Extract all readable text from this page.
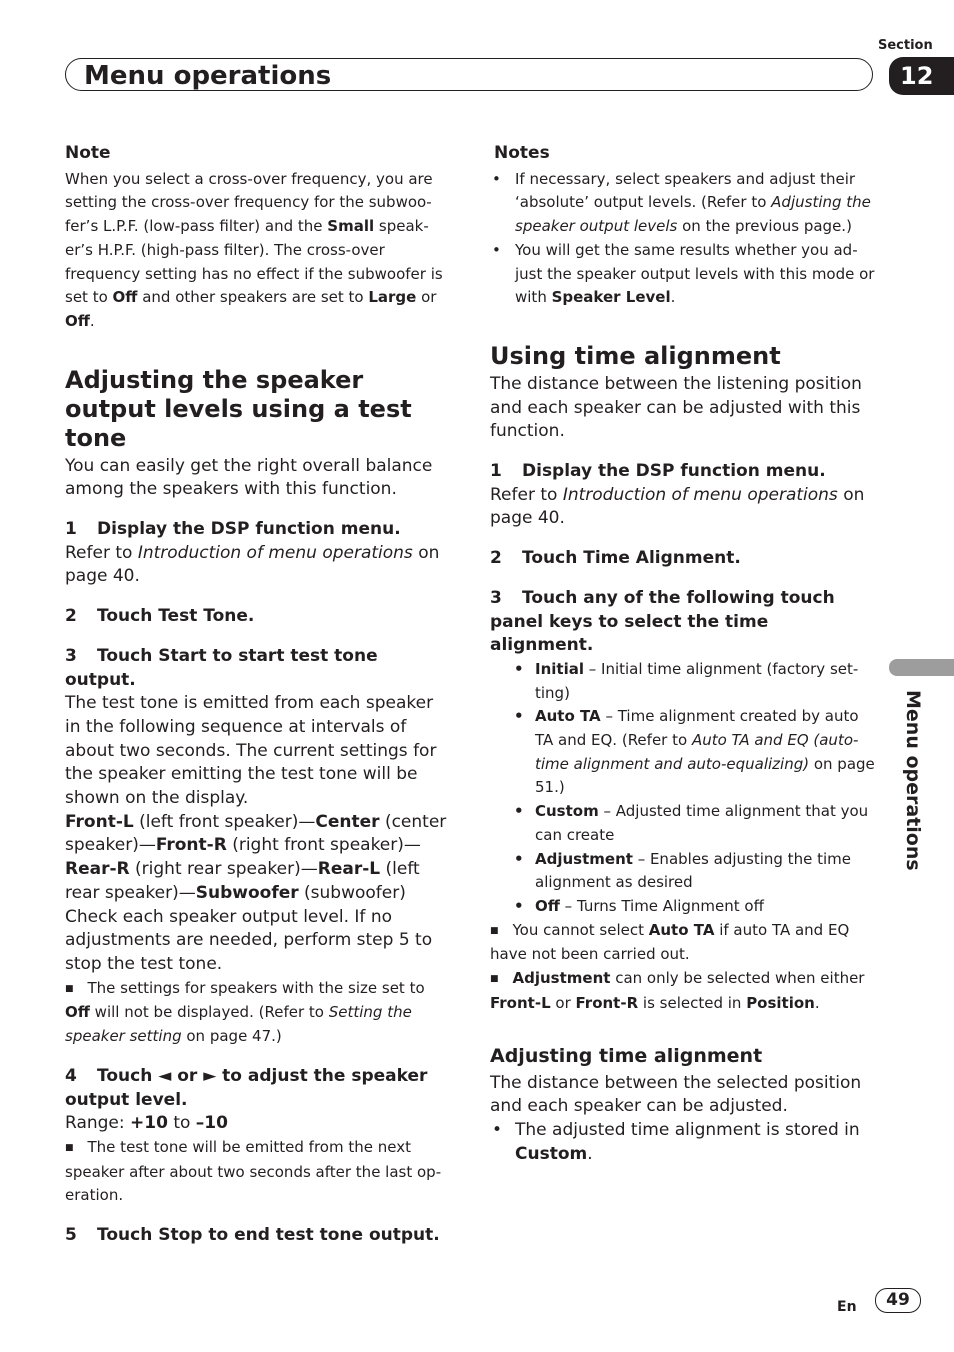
Section
Menu operations	12
Menu operations

Note

When you select a cross-over frequency, you are setting the cross-over frequency for the subwoofer’s L.P.F. (low-pass filter) and the Small speaker’s H.P.F. (high-pass filter). The cross-over frequency setting has no effect if the subwoofer is set to Off and other speakers are set to Large or Off.

Adjusting the speaker output levels using a test tone

You can easily get the right overall balance among the speakers with this function.

1 Display the DSP function menu.

Refer to Introduction of menu operations on page 40.

2 Touch Test Tone.

3 Touch Start to start test tone output.

The test tone is emitted from each speaker in the following sequence at intervals of about two seconds. The current settings for the speaker emitting the test tone will be shown on the display.

Front-L (left front speaker)—Center (center speaker)—Front-R (right front speaker)— Rear-R (right rear speaker)—Rear-L (left rear speaker)—Subwoofer (subwoofer)

Check each speaker output level. If no adjustments are needed, perform step 5 to stop the test tone.

■ The settings for speakers with the size set to Off will not be displayed. (Refer to Setting the speaker setting on page 47.)

4 Touch ◄ or ► to adjust the speaker output level.

Range: +10 to –10

■ The test tone will be emitted from the next speaker after about two seconds after the last operation.

5 Touch Stop to end test tone output.

Notes

• If necessary, select speakers and adjust their ‘absolute’ output levels. (Refer to Adjusting the speaker output levels on the previous page.)
• You will get the same results whether you adjust the speaker output levels with this mode or with Speaker Level.

Using time alignment

The distance between the listening position and each speaker can be adjusted with this function.

1 Display the DSP function menu.

Refer to Introduction of menu operations on page 40.

2 Touch Time Alignment.

3 Touch any of the following touch panel keys to select the time alignment.

• Initial – Initial time alignment (factory setting)
• Auto TA – Time alignment created by auto TA and EQ. (Refer to Auto TA and EQ (auto-time alignment and auto-equalizing) on page 51.)
• Custom – Adjusted time alignment that you can create
• Adjustment – Enables adjusting the time alignment as desired
• Off – Turns Time Alignment off

■ You cannot select Auto TA if auto TA and EQ have not been carried out.

■ Adjustment can only be selected when either Front-L or Front-R is selected in Position.

Adjusting time alignment

The distance between the selected position and each speaker can be adjusted.

• The adjusted time alignment is stored in Custom.
En	49
